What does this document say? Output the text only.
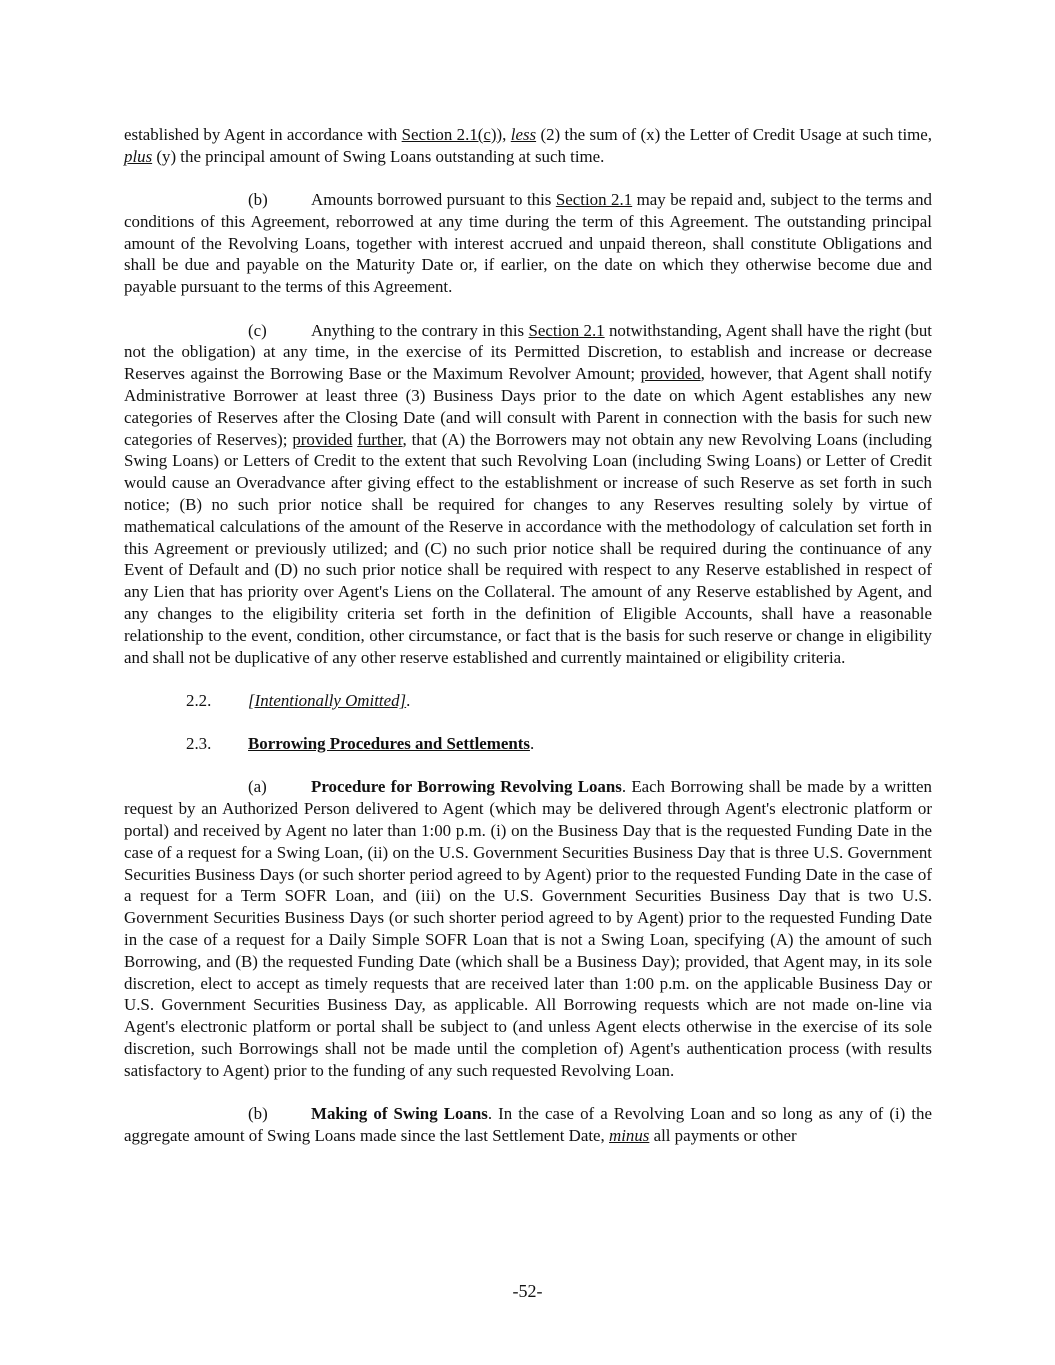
established by Agent in accordance with Section 2.1(c)), less (2) the sum of (x) the Letter of Credit Usage at such time, plus (y) the principal amount of Swing Loans outstanding at such time.

(b)	Amounts borrowed pursuant to this Section 2.1 may be repaid and, subject to the terms and conditions of this Agreement, reborrowed at any time during the term of this Agreement. The outstanding principal amount of the Revolving Loans, together with interest accrued and unpaid thereon, shall constitute Obligations and shall be due and payable on the Maturity Date or, if earlier, on the date on which they otherwise become due and payable pursuant to the terms of this Agreement.

(c)	Anything to the contrary in this Section 2.1 notwithstanding, Agent shall have the right (but not the obligation) at any time, in the exercise of its Permitted Discretion, to establish and increase or decrease Reserves against the Borrowing Base or the Maximum Revolver Amount; provided, however, that Agent shall notify Administrative Borrower at least three (3) Business Days prior to the date on which Agent establishes any new categories of Reserves after the Closing Date (and will consult with Parent in connection with the basis for such new categories of Reserves); provided further, that (A) the Borrowers may not obtain any new Revolving Loans (including Swing Loans) or Letters of Credit to the extent that such Revolving Loan (including Swing Loans) or Letter of Credit would cause an Overadvance after giving effect to the establishment or increase of such Reserve as set forth in such notice; (B) no such prior notice shall be required for changes to any Reserves resulting solely by virtue of mathematical calculations of the amount of the Reserve in accordance with the methodology of calculation set forth in this Agreement or previously utilized; and (C) no such prior notice shall be required during the continuance of any Event of Default and (D) no such prior notice shall be required with respect to any Reserve established in respect of any Lien that has priority over Agent's Liens on the Collateral. The amount of any Reserve established by Agent, and any changes to the eligibility criteria set forth in the definition of Eligible Accounts, shall have a reasonable relationship to the event, condition, other circumstance, or fact that is the basis for such reserve or change in eligibility and shall not be duplicative of any other reserve established and currently maintained or eligibility criteria.

2.2. [Intentionally Omitted].

2.3. Borrowing Procedures and Settlements.

(a)	Procedure for Borrowing Revolving Loans. Each Borrowing shall be made by a written request by an Authorized Person delivered to Agent (which may be delivered through Agent's electronic platform or portal) and received by Agent no later than 1:00 p.m. (i) on the Business Day that is the requested Funding Date in the case of a request for a Swing Loan, (ii) on the U.S. Government Securities Business Day that is three U.S. Government Securities Business Days (or such shorter period agreed to by Agent) prior to the requested Funding Date in the case of a request for a Term SOFR Loan, and (iii) on the U.S. Government Securities Business Day that is two U.S. Government Securities Business Days (or such shorter period agreed to by Agent) prior to the requested Funding Date in the case of a request for a Daily Simple SOFR Loan that is not a Swing Loan, specifying (A) the amount of such Borrowing, and (B) the requested Funding Date (which shall be a Business Day); provided, that Agent may, in its sole discretion, elect to accept as timely requests that are received later than 1:00 p.m. on the applicable Business Day or U.S. Government Securities Business Day, as applicable. All Borrowing requests which are not made on-line via Agent's electronic platform or portal shall be subject to (and unless Agent elects otherwise in the exercise of its sole discretion, such Borrowings shall not be made until the completion of) Agent's authentication process (with results satisfactory to Agent) prior to the funding of any such requested Revolving Loan.

(b)	Making of Swing Loans. In the case of a Revolving Loan and so long as any of (i) the aggregate amount of Swing Loans made since the last Settlement Date, minus all payments or other

-52-
